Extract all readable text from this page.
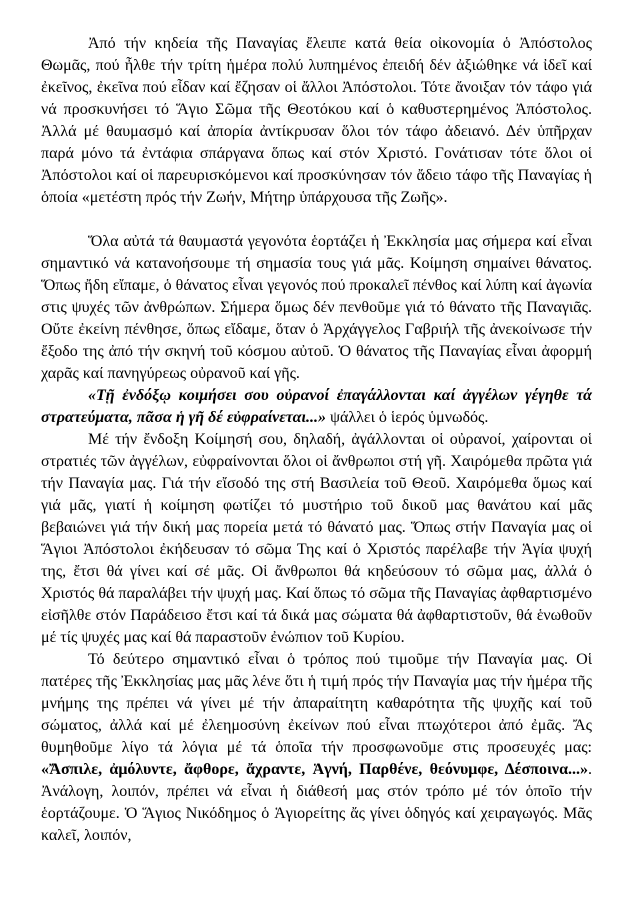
Ἀπό τήν κηδεία τῆς Παναγίας ἔλειπε κατά θεία οἰκονομία ὁ Ἀπόστολος Θωμᾶς, πού ἦλθε τήν τρίτη ἡμέρα πολύ λυπημένος ἐπειδή δέν ἀξιώθηκε νά ἰδεῖ καί ἐκεῖνος, ἐκεῖνα πού εἶδαν καί ἔζησαν οἱ ἄλλοι Ἀπόστολοι. Τότε ἄνοιξαν τόν τάφο γιά νά προσκυνήσει τό Ἅγιο Σῶμα τῆς Θεοτόκου καί ὁ καθυστερημένος Ἀπόστολος. Ἀλλά μέ θαυμασμό καί ἀπορία ἀντίκρυσαν ὅλοι τόν τάφο ἀδειανό. Δέν ὑπῆρχαν παρά μόνο τά ἐντάφια σπάργανα ὅπως καί στόν Χριστό. Γονάτισαν τότε ὅλοι οἱ Ἀπόστολοι καί οἱ παρευρισκόμενοι καί προσκύνησαν τόν ἄδειο τάφο τῆς Παναγίας ἡ ὁποία «μετέστη πρός τήν Ζωήν, Μήτηρ ὑπάρχουσα τῆς Ζωῆς».

Ὅλα αὐτά τά θαυμαστά γεγονότα ἑορτάζει ἡ Ἐκκλησία μας σήμερα καί εἶναι σημαντικό νά κατανοήσουμε τή σημασία τους γιά μᾶς. Κοίμηση σημαίνει θάνατος. Ὅπως ἤδη εἴπαμε, ὁ θάνατος εἶναι γεγονός πού προκαλεῖ πένθος καί λύπη καί ἀγωνία στις ψυχές τῶν ἀνθρώπων. Σήμερα ὅμως δέν πενθοῦμε γιά τό θάνατο τῆς Παναγιᾶς. Οὔτε ἐκείνη πένθησε, ὅπως εἴδαμε, ὅταν ὁ Ἀρχάγγελος Γαβριήλ τῆς ἀνεκοίνωσε τήν ἔξοδο της ἀπό τήν σκηνή τοῦ κόσμου αὐτοῦ. Ὁ θάνατος τῆς Παναγίας εἶναι ἀφορμή χαρᾶς καί πανηγύρεως οὐρανοῦ καί γῆς.

«Τῇ ἐνδόξῳ κοιμήσει σου οὐρανοί ἐπαγάλλονται καί ἀγγέλων γέγηθε τά στρατεύματα, πᾶσα ἡ γῆ δέ εὐφραίνεται...» ψάλλει ὁ ἱερός ὑμνωδός.

Μέ τήν ἔνδοξη Κοίμησή σου, δηλαδή, ἀγάλλονται οἱ οὐρανοί, χαίρονται οἱ στρατιές τῶν ἀγγέλων, εὐφραίνονται ὅλοι οἱ ἄνθρωποι στή γῆ. Χαιρόμεθα πρῶτα γιά τήν Παναγία μας. Γιά τήν εἴσοδό της στή Βασιλεία τοῦ Θεοῦ. Χαιρόμεθα ὅμως καί γιά μᾶς, γιατί ἡ κοίμηση φωτίζει τό μυστήριο τοῦ δικοῦ μας θανάτου καί μᾶς βεβαιώνει γιά τήν δική μας πορεία μετά τό θάνατό μας. Ὅπως στήν Παναγία μας οἱ Ἅγιοι Ἀπόστολοι ἐκήδευσαν τό σῶμα Της καί ὁ Χριστός παρέλαβε τήν Ἁγία ψυχή της, ἔτσι θά γίνει καί σέ μᾶς. Οἱ ἄνθρωποι θά κηδεύσουν τό σῶμα μας, ἀλλά ὁ Χριστός θά παραλάβει τήν ψυχή μας. Καί ὅπως τό σῶμα τῆς Παναγίας ἀφθαρτισμένο εἰσῆλθε στόν Παράδεισο ἔτσι καί τά δικά μας σώματα θά ἀφθαρτιστοῦν, θά ἑνωθοῦν μέ τίς ψυχές μας καί θά παραστοῦν ἐνώπιον τοῦ Κυρίου.

Τό δεύτερο σημαντικό εἶναι ὁ τρόπος πού τιμοῦμε τήν Παναγία μας. Οἱ πατέρες τῆς Ἐκκλησίας μας μᾶς λένε ὅτι ἡ τιμή πρός τήν Παναγία μας τήν ἡμέρα τῆς μνήμης της πρέπει νά γίνει μέ τήν ἀπαραίτητη καθαρότητα τῆς ψυχῆς καί τοῦ σώματος, ἀλλά καί μέ ἐλεημοσύνη ἐκείνων πού εἶναι πτωχότεροι ἀπό ἐμᾶς. Ἄς θυμηθοῦμε λίγο τά λόγια μέ τά ὁποῖα τήν προσφωνοῦμε στις προσευχές μας: «Ἄσπιλε, ἀμόλυντε, ἄφθορε, ἄχραντε, Ἁγνή, Παρθένε, θεόνυμφε, Δέσποινα...». Ἀνάλογη, λοιπόν, πρέπει νά εἶναι ἡ διάθεσή μας στόν τρόπο μέ τόν ὁποῖο τήν ἑορτάζουμε. Ὁ Ἅγιος Νικόδημος ὁ Ἁγιορείτης ἄς γίνει ὁδηγός καί χειραγωγός. Μᾶς καλεῖ, λοιπόν,
